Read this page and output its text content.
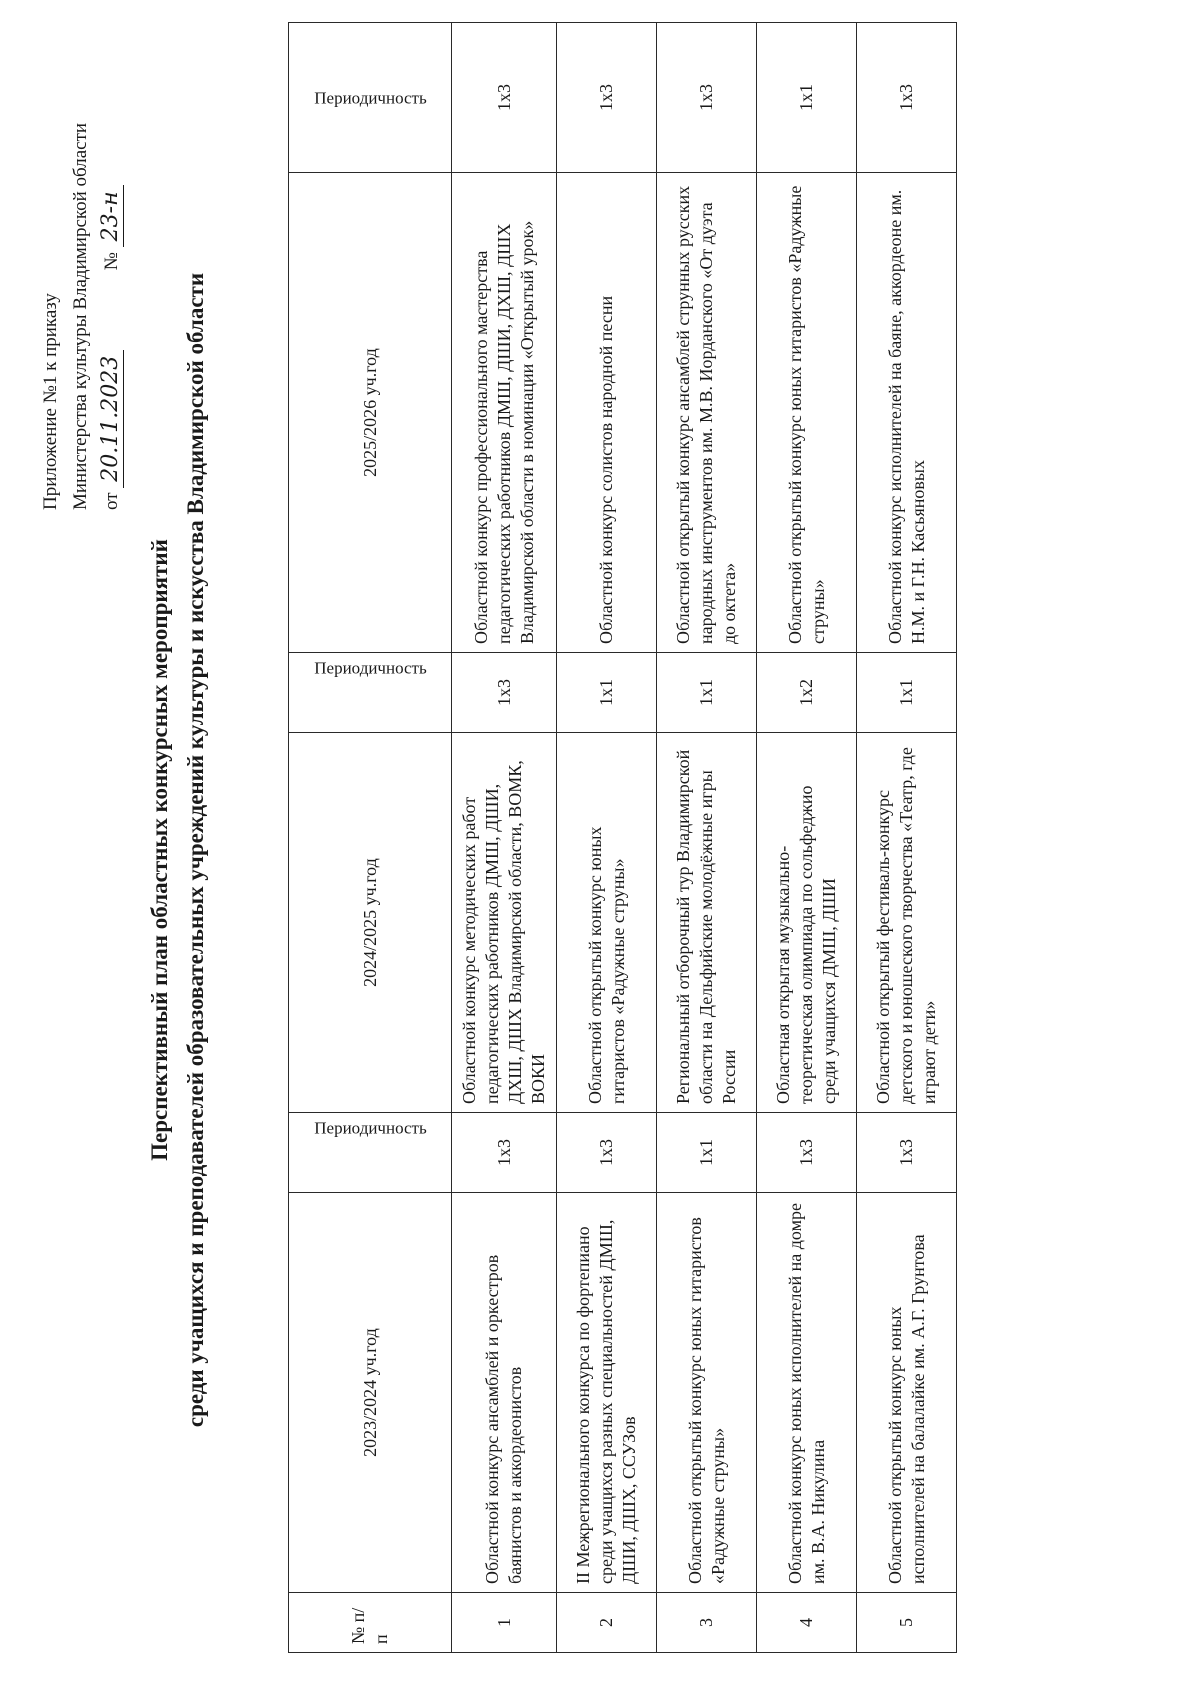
Приложение №1 к приказу Министерства культуры Владимирской области от 20.11.2023  № 23-н
Перспективный план областных конкурсных мероприятий среди учащихся и преподавателей образовательных учреждений культуры и искусства Владимирской области
№ п/п	2023/2024 уч.год	Периодичность	2024/2025 уч.год	Периодичность	2025/2026 уч.год	Периодичность
1	Областной конкурс ансамблей и оркестров баянистов и аккордеонистов	1х3	Областной конкурс методических работ педагогических работников ДМШ, ДШИ, ДХШ, ДШХ Владимирской области, ВОМК, ВОКИ	1х3	Областной конкурс профессионального мастерства педагогических работников ДМШ, ДШИ, ДХШ, ДШХ Владимирской области в номинации «Открытый урок»	1х3
2	II Межрегионального конкурса по фортепиано среди учащихся разных специальностей ДМШ, ДШИ, ДШХ, ССУЗов	1х3	Областной открытый конкурс юных гитаристов «Радужные струны»	1х1	Областной конкурс солистов народной песни	1х3
3	Областной открытый конкурс юных гитаристов «Радужные струны»	1х1	Региональный отборочный тур Владимирской области на Дельфийские молодёжные игры России	1х1	Областной открытый конкурс ансамблей струнных русских народных инструментов им. М.В. Иорданского «От дуэта до октета»	1х3
4	Областной конкурс юных исполнителей на домре им. В.А. Никулина	1х3	Областная открытая музыкально-теоретическая олимпиада по сольфеджио среди учащихся ДМШ, ДШИ	1х2	Областной открытый конкурс юных гитаристов «Радужные струны»	1х1
5	Областной открытый конкурс юных исполнителей на балалайке им. А.Г. Грунтова	1х3	Областной открытый фестиваль-конкурс детского и юношеского творчества «Театр, где играют дети»	1х1	Областной конкурс исполнителей на баяне, аккордеоне им. Н.М. и Г.Н. Касьяновых	1х3
